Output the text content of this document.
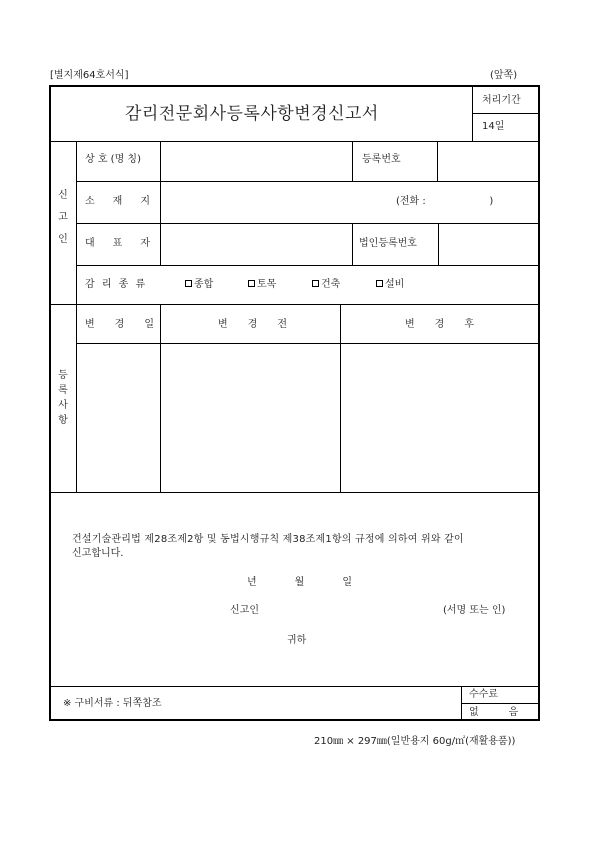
[별지제64호서식]	(앞쪽)
감리전문회사등록사항변경신고서
처리기간
14일
신
고
인
상 호 (명 칭)	등록번호
소　재　지	(전화 :                    )
대　표　자	법인등록번호
감 리 종 류	종합	토목	건축	설비
등
록
사
항
변　경　일	변　경　전	변　경　후
건설기술관리법 제28조제2항 및 동법시행규칙 제38조제1항의 규정에 의하여 위와 같이
신고합니다.
년　　월　　일
신고인	(서명 또는 인)
귀하
※ 구비서류 : 뒤쪽참조
수수료
없　　　음
210㎜ × 297㎜(일반용지 60g/㎡(재활용품))
